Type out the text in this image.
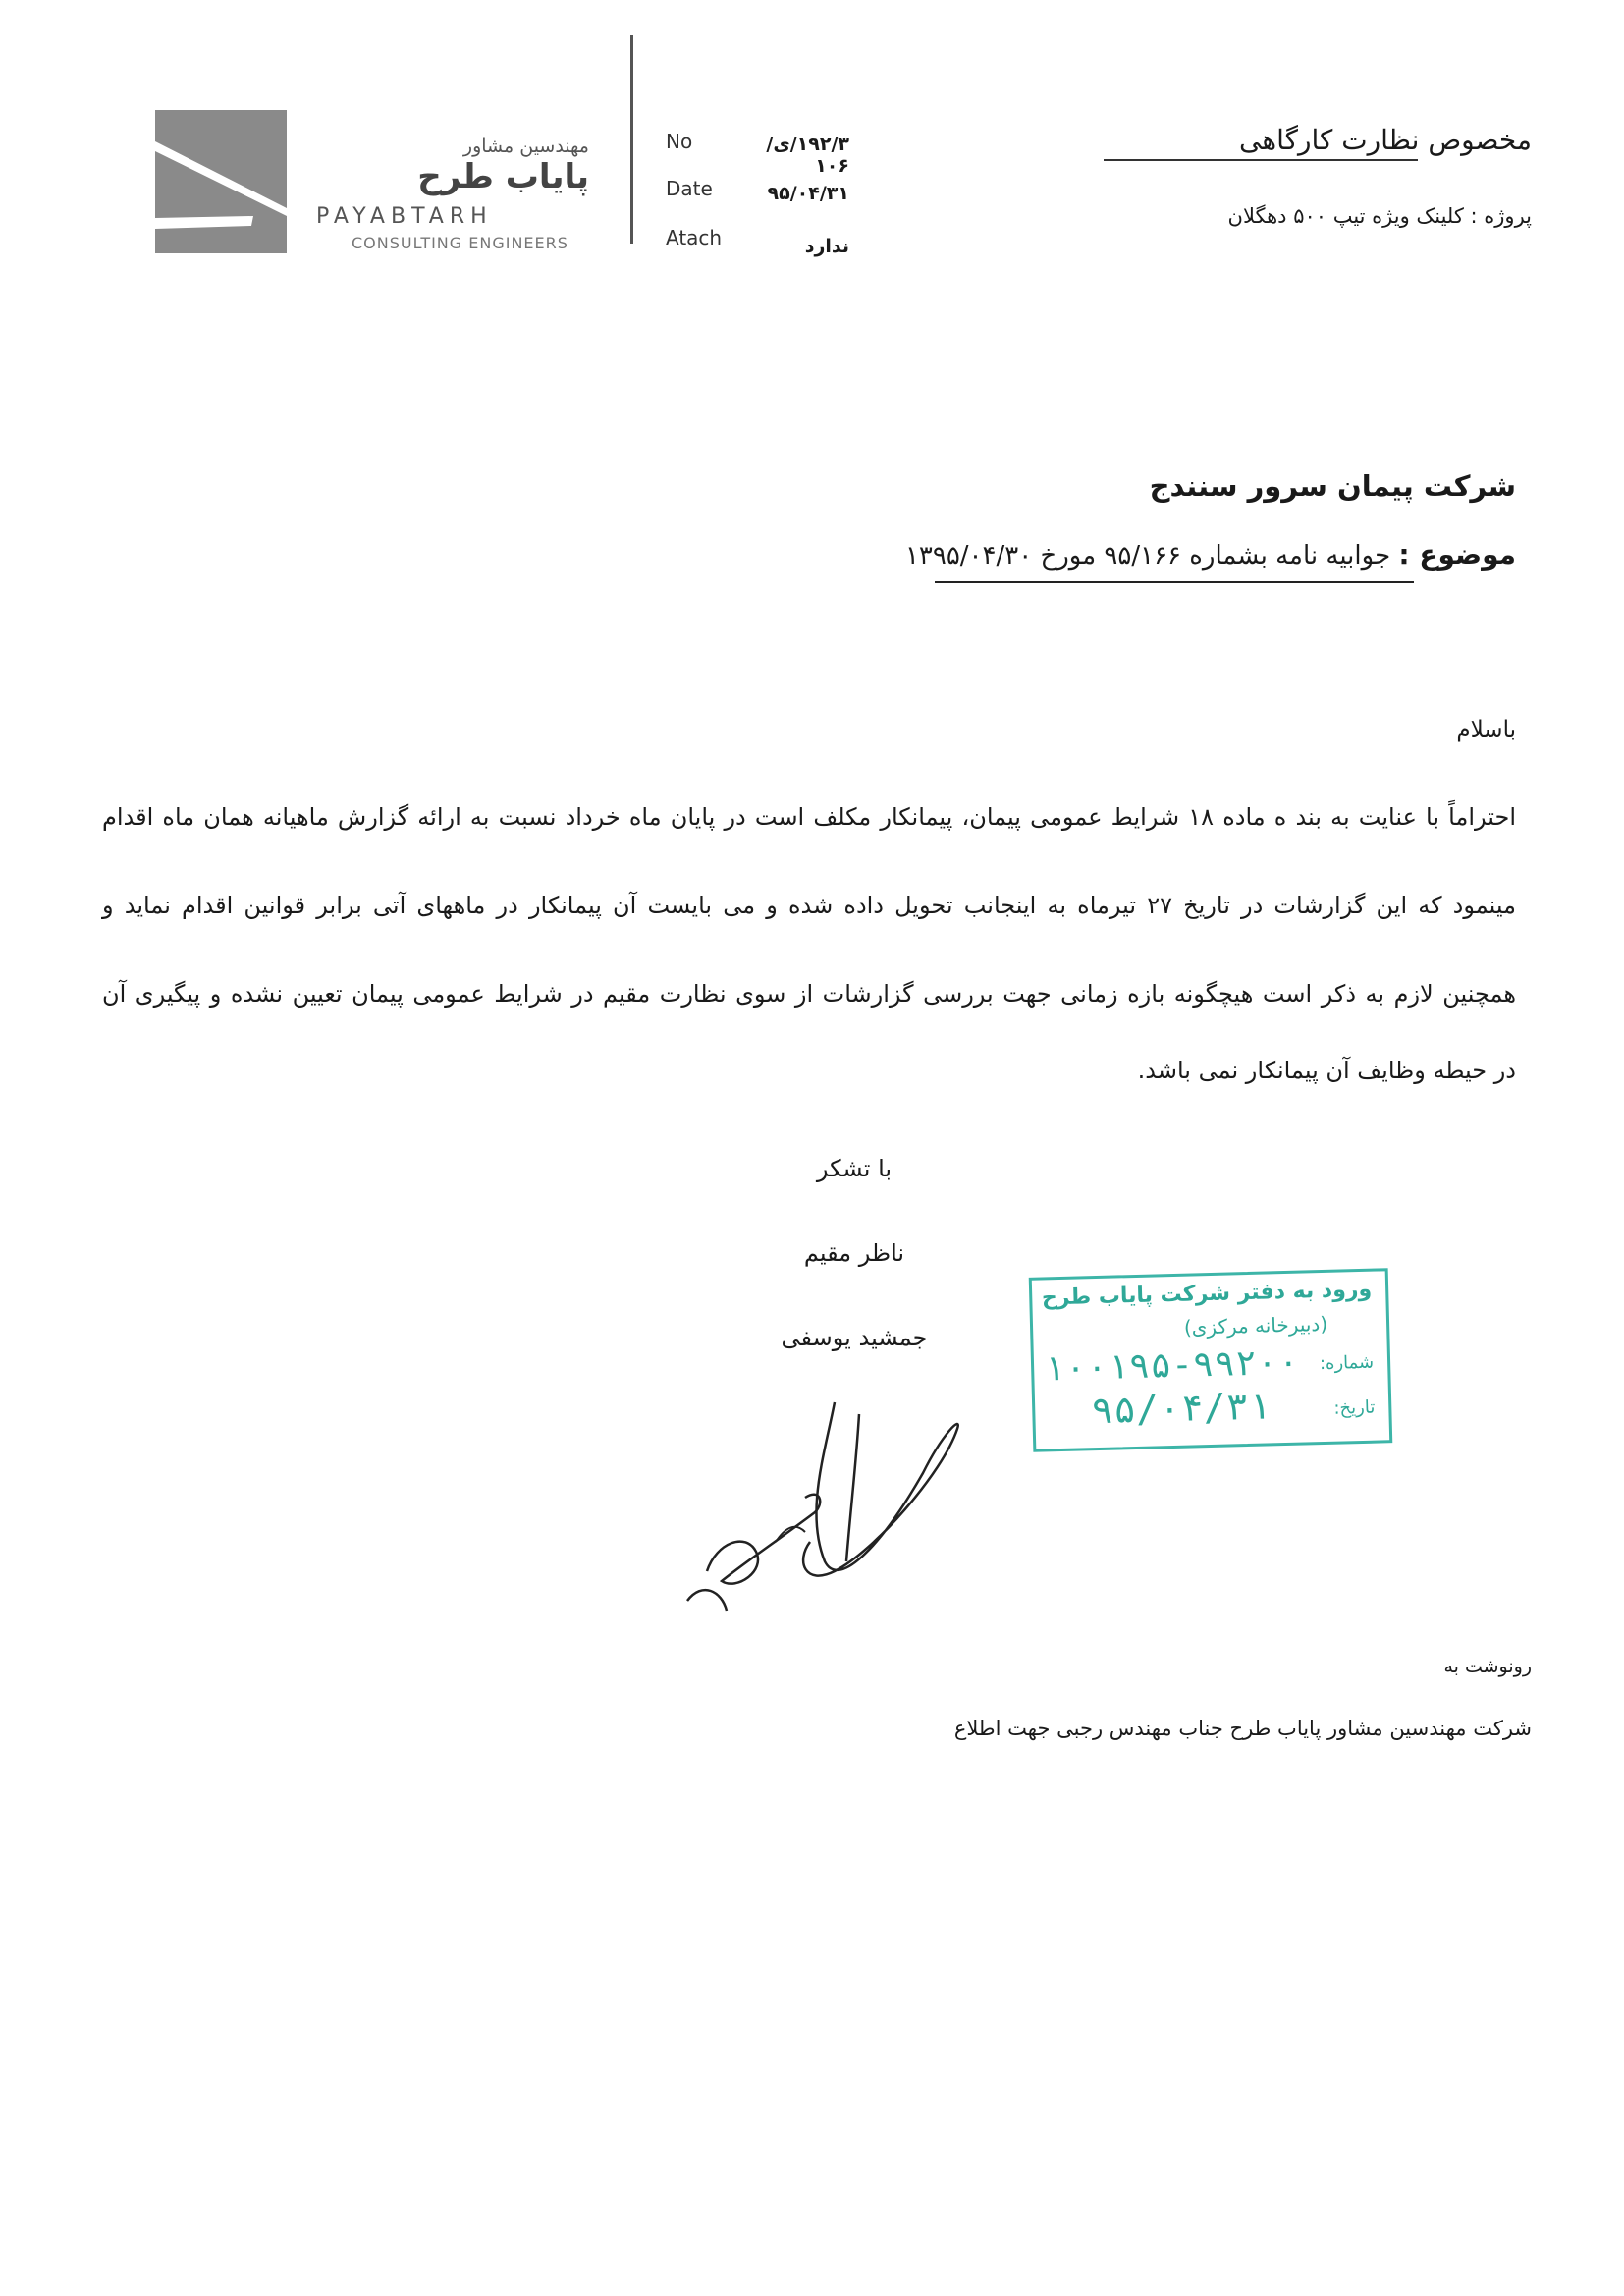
مهندسین مشاور
پایاب طرح
PAYABTARH
CONSULTING ENGINEERS
No	۱۹۲/۳/ی/۱۰۶
Date	۹۵/۰۴/۳۱
Atach	ندارد
مخصوص نظارت کارگاهی
پروژه : کلینک ویژه تیپ ۵۰۰ دهگلان
شرکت پیمان سرور سنندج
موضوع : جوابیه نامه بشماره ۹۵/۱۶۶ مورخ ۱۳۹۵/۰۴/۳۰
باسلام
احتراماً با عنایت به بند ه ماده ۱۸ شرایط عمومی پیمان، پیمانکار مکلف است در پایان ماه خرداد نسبت به ارائه گزارش ماهیانه همان ماه اقدام
مینمود که این گزارشات در تاریخ ۲۷ تیرماه به اینجانب تحویل داده شده و می بایست آن پیمانکار در ماههای آتی برابر قوانین اقدام نماید و
همچنین لازم به ذکر است هیچگونه بازه زمانی جهت بررسی گزارشات از سوی نظارت مقیم در شرایط عمومی پیمان تعیین نشده و پیگیری آن
در حیطه وظایف آن پیمانکار نمی باشد.
با تشکر
ناظر مقیم
جمشید یوسفی
ورود به دفتر شرکت پایاب طرح
(دبیرخانه مرکزی)
شماره:
۱۰۰۱۹۵-۹۹۲۰۰
تاریخ:
۹۵/۰۴/۳۱
رونوشت به
شرکت مهندسین مشاور پایاب طرح جناب مهندس رجبی جهت اطلاع
